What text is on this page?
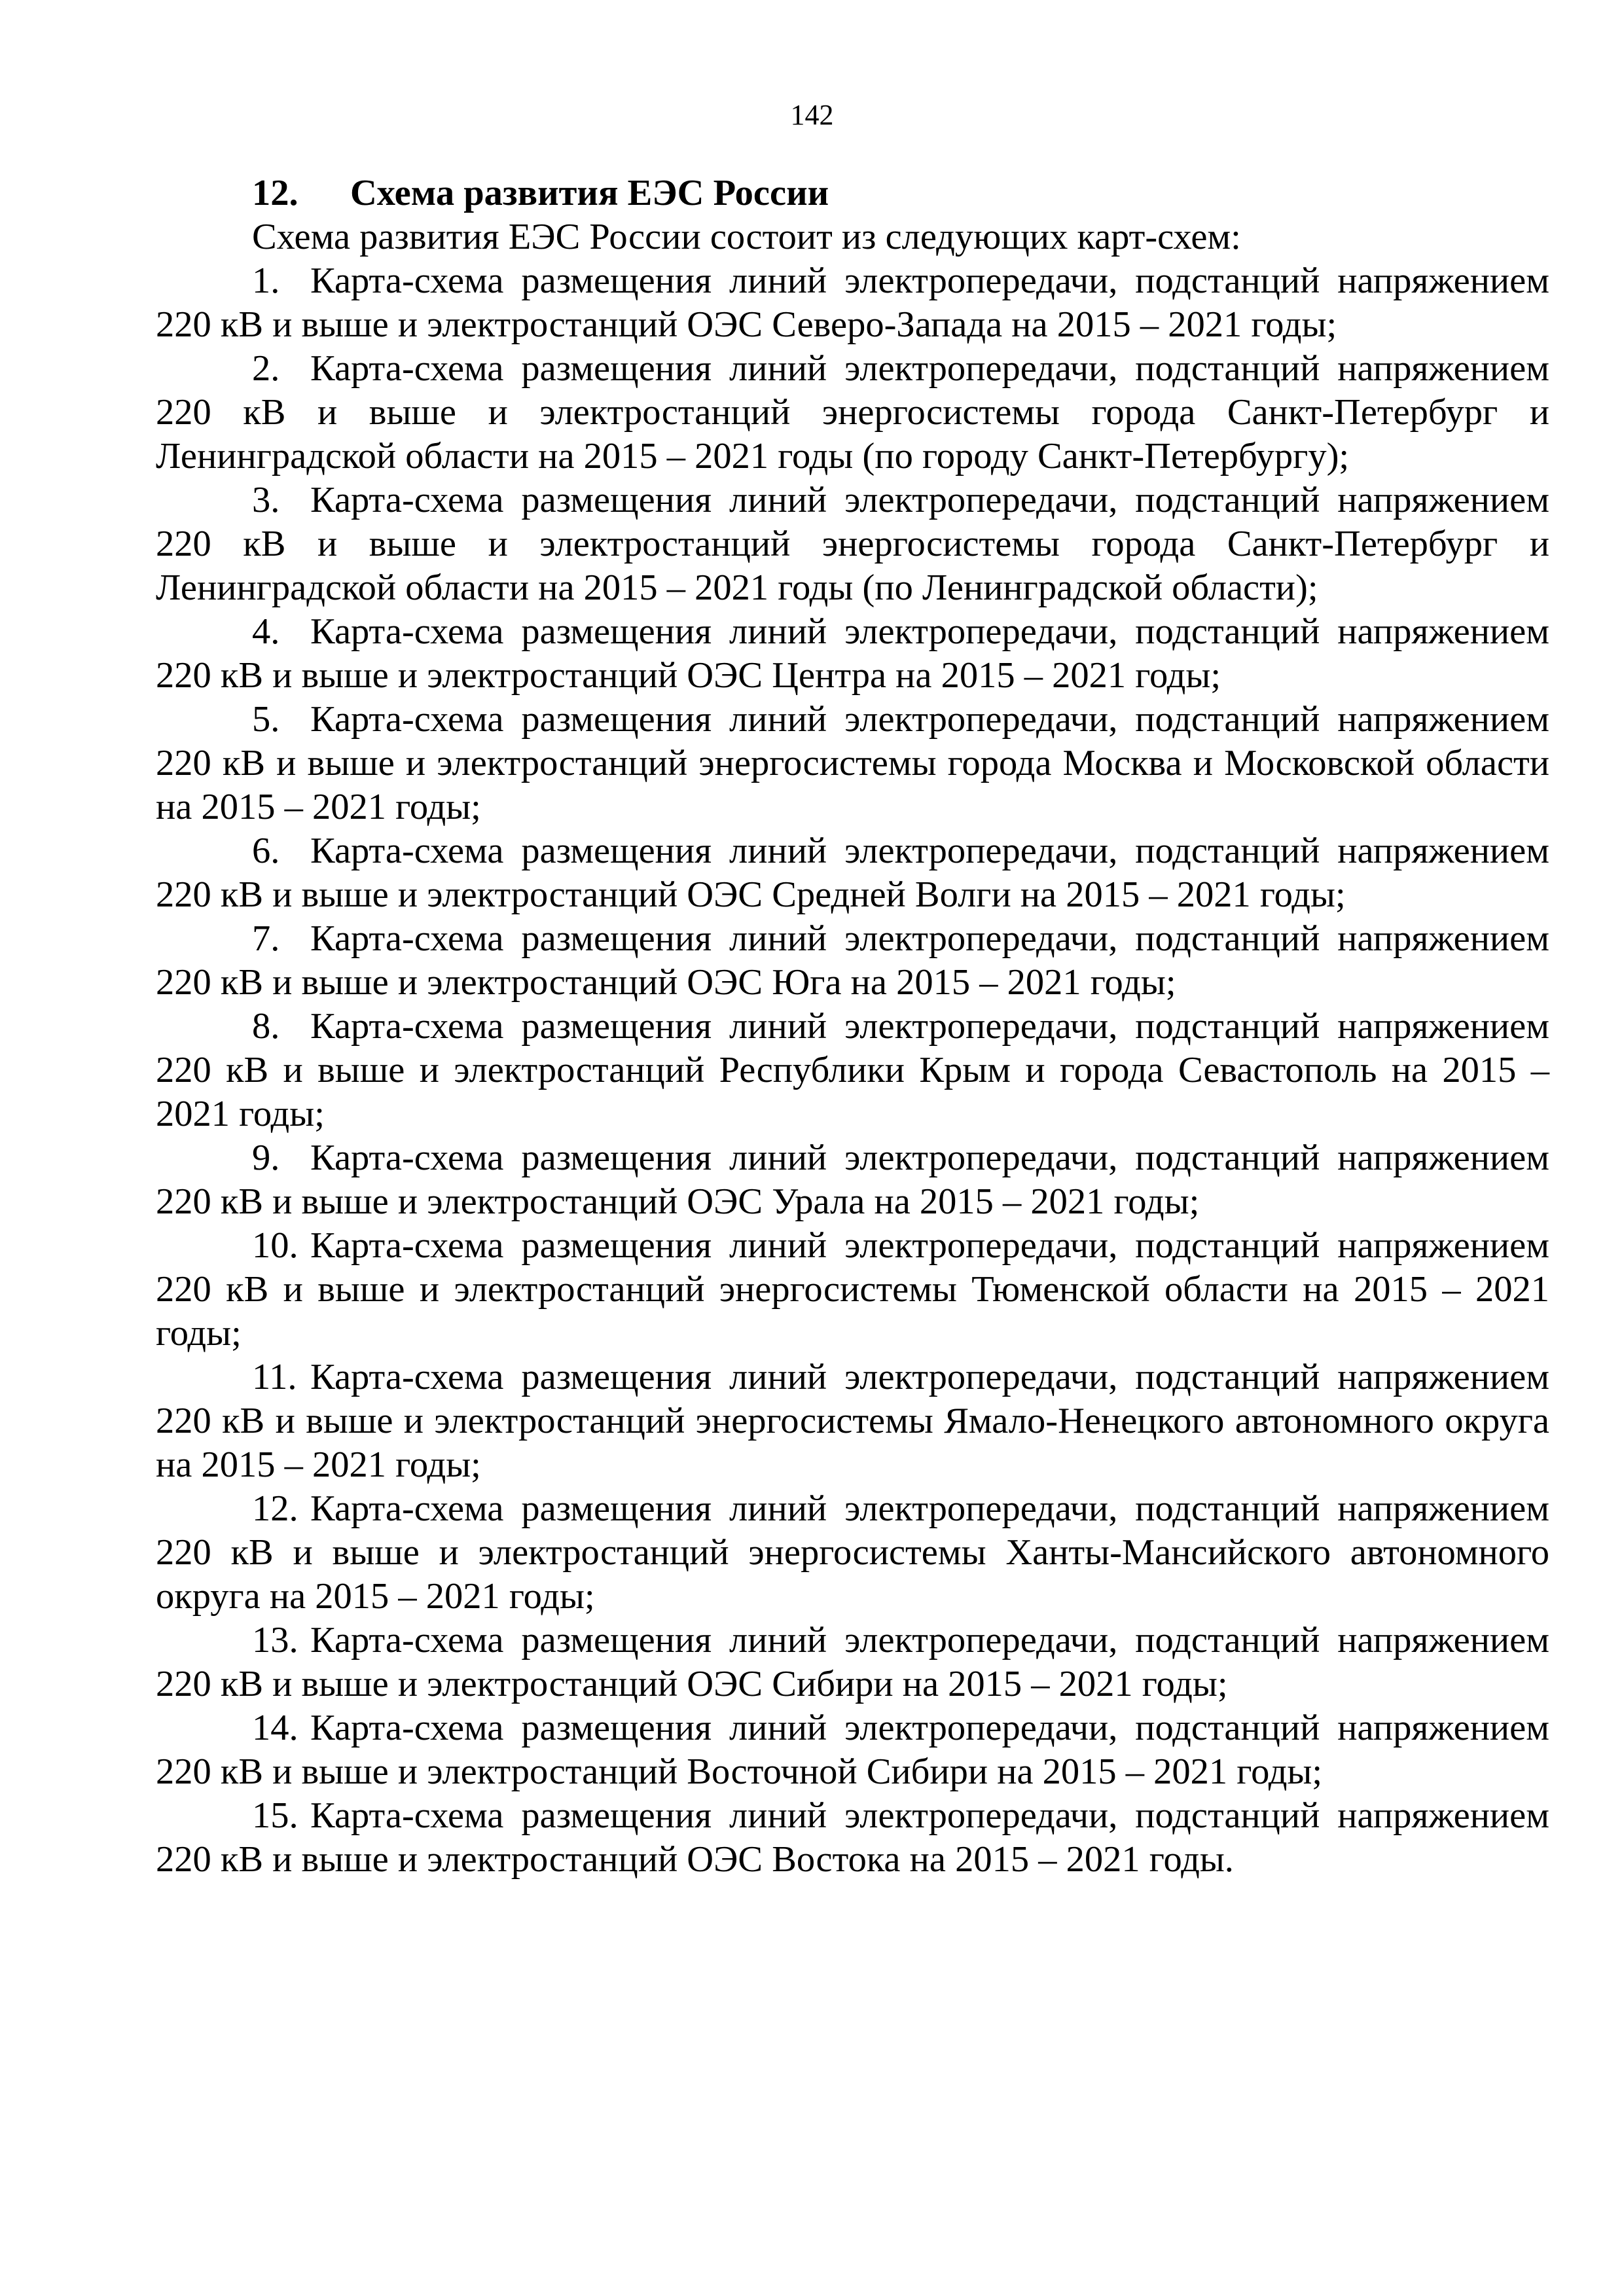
142

12. Схема развития ЕЭС России

Схема развития ЕЭС России состоит из следующих карт-схем:

1. Карта-схема размещения линий электропередачи, подстанций напряжением 220 кВ и выше и электростанций ОЭС Северо-Запада на 2015 – 2021 годы;
2. Карта-схема размещения линий электропередачи, подстанций напряжением 220 кВ и выше и электростанций энергосистемы города Санкт-Петербург и Ленинградской области на 2015 – 2021 годы (по городу Санкт-Петербургу);
3. Карта-схема размещения линий электропередачи, подстанций напряжением 220 кВ и выше и электростанций энергосистемы города Санкт-Петербург и Ленинградской области на 2015 – 2021 годы (по Ленинградской области);
4. Карта-схема размещения линий электропередачи, подстанций напряжением 220 кВ и выше и электростанций ОЭС Центра на 2015 – 2021 годы;
5. Карта-схема размещения линий электропередачи, подстанций напряжением 220 кВ и выше и электростанций энергосистемы города Москва и Московской области на 2015 – 2021 годы;
6. Карта-схема размещения линий электропередачи, подстанций напряжением 220 кВ и выше и электростанций ОЭС Средней Волги на 2015 – 2021 годы;
7. Карта-схема размещения линий электропередачи, подстанций напряжением 220 кВ и выше и электростанций ОЭС Юга на 2015 – 2021 годы;
8. Карта-схема размещения линий электропередачи, подстанций напряжением 220 кВ и выше и электростанций Республики Крым и города Севастополь на 2015 – 2021 годы;
9. Карта-схема размещения линий электропередачи, подстанций напряжением 220 кВ и выше и электростанций ОЭС Урала на 2015 – 2021 годы;
10. Карта-схема размещения линий электропередачи, подстанций напряжением 220 кВ и выше и электростанций энергосистемы Тюменской области на 2015 – 2021 годы;
11. Карта-схема размещения линий электропередачи, подстанций напряжением 220 кВ и выше и электростанций энергосистемы Ямало-Ненецкого автономного округа на 2015 – 2021 годы;
12. Карта-схема размещения линий электропередачи, подстанций напряжением 220 кВ и выше и электростанций энергосистемы Ханты-Мансийского автономного округа на 2015 – 2021 годы;
13. Карта-схема размещения линий электропередачи, подстанций напряжением 220 кВ и выше и электростанций ОЭС Сибири на 2015 – 2021 годы;
14. Карта-схема размещения линий электропередачи, подстанций напряжением 220 кВ и выше и электростанций Восточной Сибири на 2015 – 2021 годы;
15. Карта-схема размещения линий электропередачи, подстанций напряжением 220 кВ и выше и электростанций ОЭС Востока на 2015 – 2021 годы.
